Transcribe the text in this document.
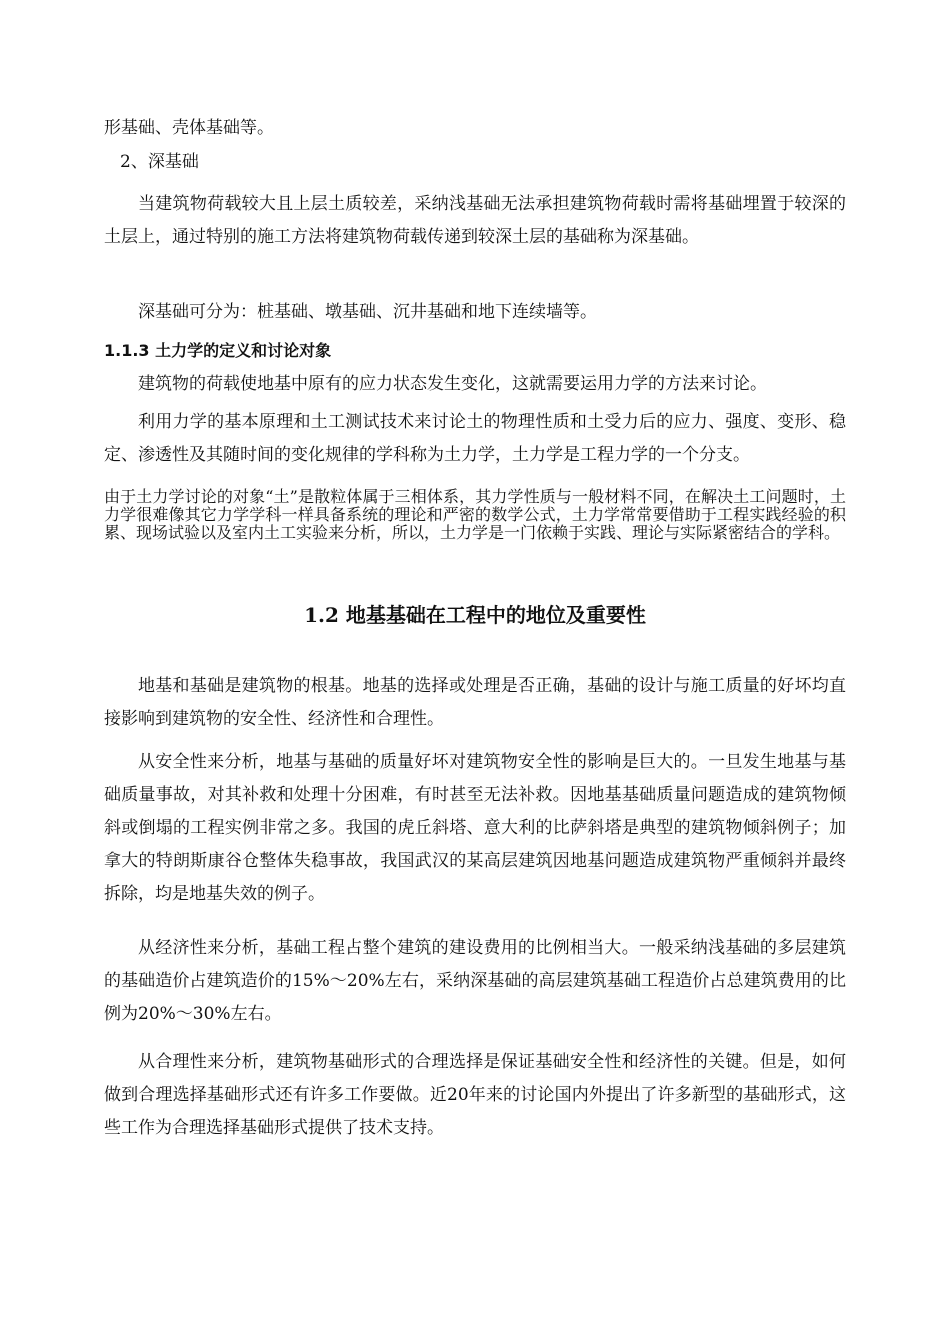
形基础、壳体基础等。

2、深基础

当建筑物荷载较大且上层土质较差，采纳浅基础无法承担建筑物荷载时需将基础埋置于较深的土层上，通过特别的施工方法将建筑物荷载传递到较深土层的基础称为深基础。

深基础可分为：桩基础、墩基础、沉井基础和地下连续墙等。

1.1.3 土力学的定义和讨论对象

建筑物的荷载使地基中原有的应力状态发生变化，这就需要运用力学的方法来讨论。

利用力学的基本原理和土工测试技术来讨论土的物理性质和土受力后的应力、强度、变形、稳定、渗透性及其随时间的变化规律的学科称为土力学，土力学是工程力学的一个分支。

由于土力学讨论的对象“土”是散粒体属于三相体系，其力学性质与一般材料不同，在解决土工问题时，土力学很难像其它力学学科一样具备系统的理论和严密的数学公式，土力学常常要借助于工程实践经验的积累、现场试验以及室内土工实验来分析，所以，土力学是一门依赖于实践、理论与实际紧密结合的学科。

1.2 地基基础在工程中的地位及重要性

地基和基础是建筑物的根基。地基的选择或处理是否正确，基础的设计与施工质量的好坏均直接影响到建筑物的安全性、经济性和合理性。

从安全性来分析，地基与基础的质量好坏对建筑物安全性的影响是巨大的。一旦发生地基与基础质量事故，对其补救和处理十分困难，有时甚至无法补救。因地基基础质量问题造成的建筑物倾斜或倒塌的工程实例非常之多。我国的虎丘斜塔、意大利的比萨斜塔是典型的建筑物倾斜例子；加拿大的特朗斯康谷仓整体失稳事故，我国武汉的某高层建筑因地基问题造成建筑物严重倾斜并最终拆除，均是地基失效的例子。

从经济性来分析，基础工程占整个建筑的建设费用的比例相当大。一般采纳浅基础的多层建筑的基础造价占建筑造价的15%～20%左右，采纳深基础的高层建筑基础工程造价占总建筑费用的比例为20%～30%左右。

从合理性来分析，建筑物基础形式的合理选择是保证基础安全性和经济性的关键。但是，如何做到合理选择基础形式还有许多工作要做。近20年来的讨论国内外提出了许多新型的基础形式，这些工作为合理选择基础形式提供了技术支持。
